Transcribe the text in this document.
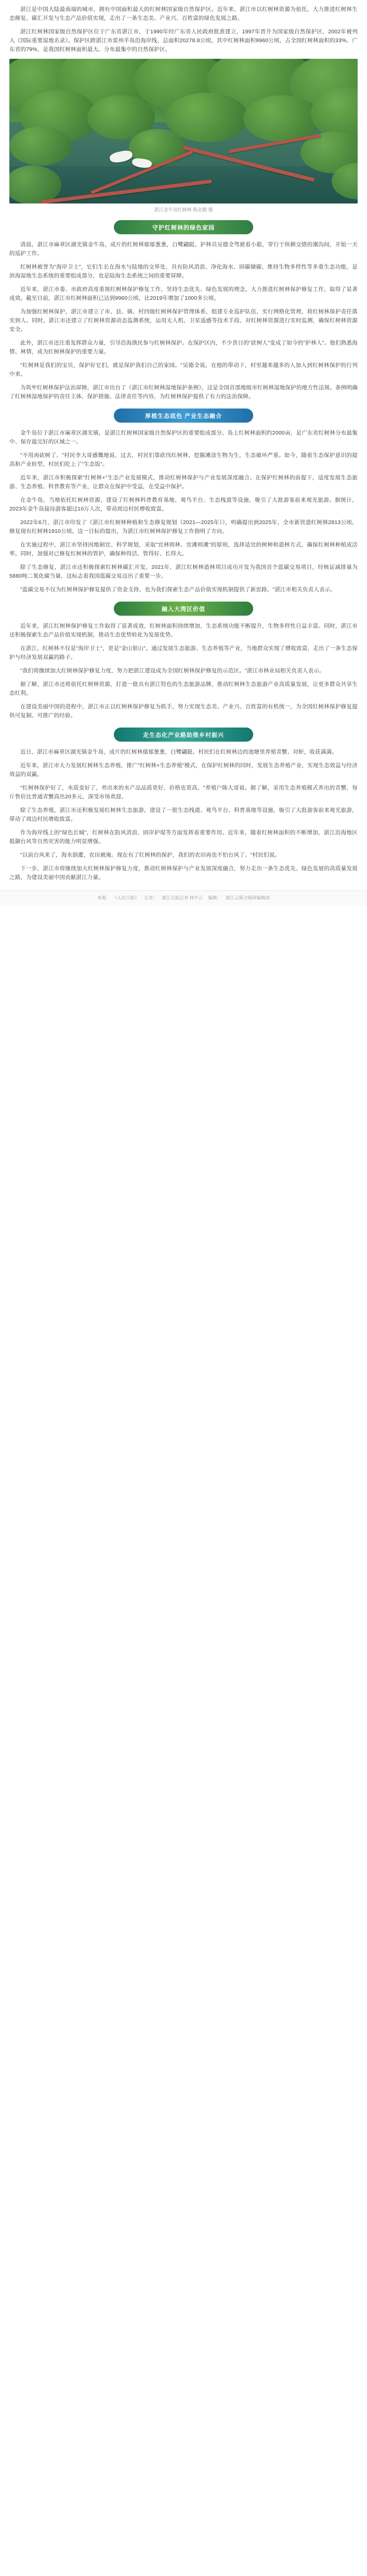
湛江是中国大陆最南端的城市，拥有中国面积最大的红树林国家级自然保护区。近年来，湛江市以红树林资源为依托，大力推进红树林生态修复、碳汇开发与生态产品价值实现，走出了一条生态美、产业兴、百姓富的绿色发展之路。

湛江红树林国家级自然保护区位于广东省湛江市，于1990年经广东省人民政府批准建立，1997年晋升为国家级自然保护区，2002年被列入《国际重要湿地名录》。保护区跨湛江市雷州半岛沿海岸线，总面积20278.8公顷，其中红树林面积9960公顷，占全国红树林面积的33%、广东省的79%，是我国红树林面积最大、分布最集中的自然保护区。

湛江金牛岛红树林 陈北跑 摄
守护红树林的绿色家园

清晨，湛江市麻章区湖光镇金牛岛，成片的红树林郁郁葱葱，白鹭翩跹。护林员吴德全驾驶着小船，穿行于纵横交错的潮沟间，开始一天的巡护工作。

红树林被誉为"海岸卫士"，它们生长在海水与陆地的交界处，具有防风消浪、净化海水、固碳储碳、维持生物多样性等多重生态功能，是滨海湿地生态系统的重要组成部分，也是陆海生态系统之间的重要屏障。

近年来，湛江市委、市政府高度重视红树林保护修复工作，坚持生态优先、绿色发展的理念，大力推进红树林保护修复工作，取得了显著成效。截至目前，湛江市红树林面积已达到9960公顷，比2019年增加了1000多公顷。

为加强红树林保护，湛江市建立了市、县、镇、村四级红树林保护管理体系，组建专业巡护队伍，实行网格化管理，将红树林保护责任落实到人。同时，湛江市还建立了红树林资源动态监测系统，运用无人机、卫星遥感等技术手段，对红树林资源进行实时监测，确保红树林资源安全。

此外，湛江市还注重发挥群众力量，引导沿海渔民参与红树林保护。在保护区内，不少昔日的"砍树人"变成了如今的"护林人"。他们熟悉海情、林情，成为红树林保护的重要力量。

"红树林是我们的宝贝，保护好它们，就是保护我们自己的家园。"吴德全说。在他的带动下，村里越来越多的人加入到红树林保护的行列中来。

为筑牢红树林保护法治屏障，湛江市出台了《湛江市红树林湿地保护条例》，这是全国首部地级市红树林湿地保护的地方性法规。条例明确了红树林湿地保护的责任主体、保护措施、法律责任等内容，为红树林保护提供了有力的法治保障。

厚植生态底色 产业生态融合

金牛岛位于湛江市麻章区湖光镇，是湛江红树林国家级自然保护区的重要组成部分。岛上红树林面积约2000亩，是广东省红树林分布最集中、保存最完好的区域之一。

"不用再砍树了。"村民李大哥感慨地说，过去，村民们靠砍伐红树林、挖掘滩涂生物为生，生态破坏严重。如今，随着生态保护意识的提高和产业转型，村民们吃上了"生态饭"。

近年来，湛江市积极探索"红树林+"生态产业发展模式，推动红树林保护与产业发展深度融合。在保护红树林的前提下，适度发展生态旅游、生态养殖、科普教育等产业，让群众在保护中受益，在受益中保护。

在金牛岛，当地依托红树林资源，建设了红树林科普教育基地、观鸟平台、生态栈道等设施，吸引了大批游客前来观光旅游。据统计，2023年金牛岛接待游客超过10万人次，带动周边村民增收致富。

2022年6月，湛江市印发了《湛江市红树林种植和生态修复规划（2021—2025年）》，明确提出到2025年，全市新营造红树林2813公顷，修复现有红树林1910公顷。这一目标的提出，为湛江市红树林保护修复工作指明了方向。

在实施过程中，湛江市坚持因地制宜、科学规划，采取"宜林则林、宜滩则滩"的原则，选择适宜的树种和造林方式，确保红树林种植成活率。同时，加强对已修复红树林的管护，确保种得活、管得好、长得大。

除了生态修复，湛江市还积极探索红树林碳汇开发。2021年，湛江红树林造林项目成功开发为我国首个蓝碳交易项目，经核证减排量为5880吨二氧化碳当量，这标志着我国蓝碳交易迈出了重要一步。

"蓝碳交易不仅为红树林保护修复提供了资金支持，也为我们探索生态产品价值实现机制提供了新思路。"湛江市相关负责人表示。

融入大湾区价值

近年来，湛江红树林保护修复工作取得了显著成效，红树林面积持续增加，生态系统功能不断提升，生物多样性日益丰富。同时，湛江市还积极探索生态产品价值实现机制，推动生态优势转化为发展优势。

在湛江，红树林不仅是"海岸卫士"，更是"金山银山"。通过发展生态旅游、生态养殖等产业，当地群众实现了增收致富，走出了一条生态保护与经济发展双赢的路子。

"我们将继续加大红树林保护修复力度，努力把湛江建设成为全国红树林保护修复的示范区。"湛江市林业局相关负责人表示。

据了解，湛江市还将依托红树林资源，打造一批具有湛江特色的生态旅游品牌，推动红树林生态旅游产业高质量发展，让更多群众共享生态红利。

在建设美丽中国的进程中，湛江市正以红树林保护修复为抓手，努力实现生态美、产业兴、百姓富的有机统一，为全国红树林保护修复提供可复制、可推广的经验。

走生态化产业路助推乡村振兴

近日，湛江市麻章区湖光镇金牛岛，成片的红树林郁郁葱葱，白鹭翩跹。村民们在红树林边的池塘里养殖青蟹、对虾，收获满满。

近年来，湛江市大力发展红树林生态养殖，推广"红树林+生态养殖"模式，在保护红树林的同时，发展生态养殖产业，实现生态效益与经济效益的双赢。

"红树林保护好了，水质变好了，养出来的水产品品质更好，价格也更高。"养殖户陈大哥说。据了解，采用生态养殖模式养出的青蟹，每斤售价比普通青蟹高出20多元，深受市场欢迎。

除了生态养殖，湛江市还积极发展红树林生态旅游，建设了一批生态栈道、观鸟平台、科普基地等设施，吸引了大批游客前来观光旅游，带动了周边村民增收致富。

作为海岸线上的"绿色长城"，红树林在防风消浪、固岸护堤等方面发挥着重要作用。近年来，随着红树林面积的不断增加，湛江沿海地区抵御台风等自然灾害的能力明显增强。

"以前台风来了，海水倒灌，农田被淹。现在有了红树林的保护，我们的农田再也不怕台风了。"村民们说。

下一步，湛江市将继续加大红树林保护修复力度，推动红树林保护与产业发展深度融合，努力走出一条生态优先、绿色发展的高质量发展之路，为建设美丽中国贡献湛江力量。

来源： 《人民日报》 记者： 湛江日报记者 林宇云 编辑： 湛江云媒全媒体编辑部
